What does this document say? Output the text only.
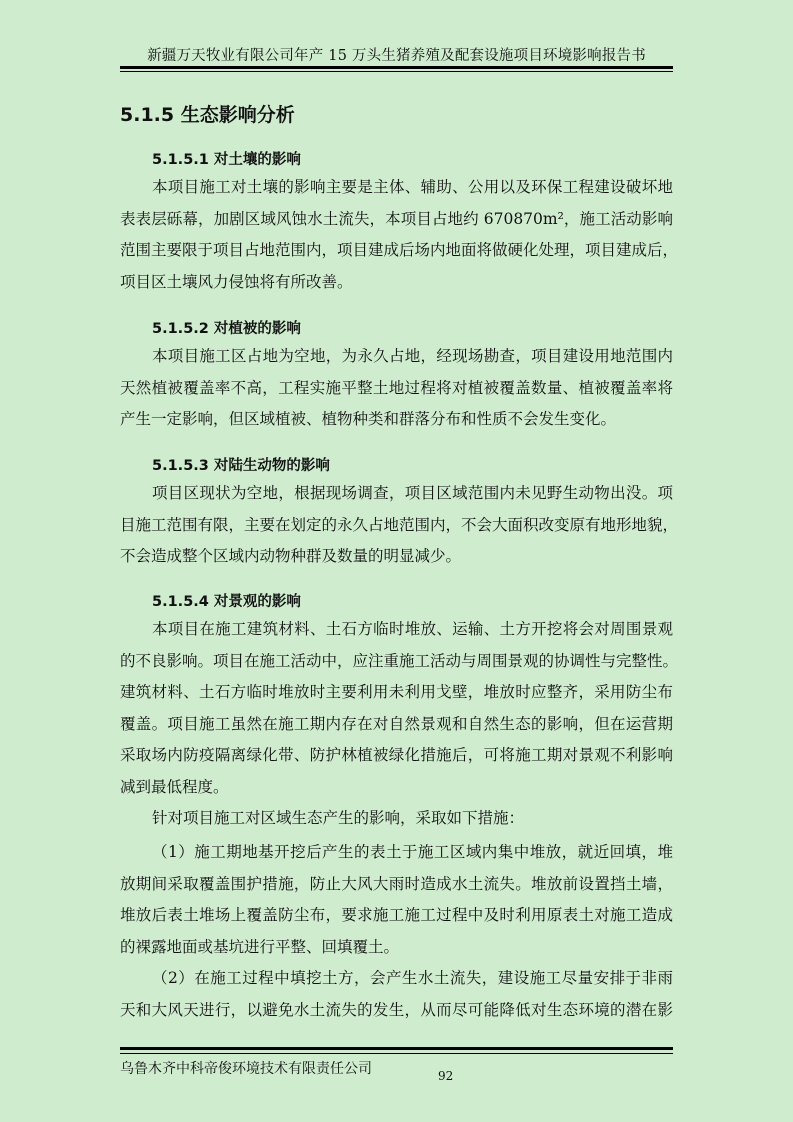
新疆万天牧业有限公司年产 15 万头生猪养殖及配套设施项目环境影响报告书
5.1.5 生态影响分析
5.1.5.1 对土壤的影响
本项目施工对土壤的影响主要是主体、辅助、公用以及环保工程建设破坏地
表表层砾幕，加剧区域风蚀水土流失，本项目占地约 670870m²，施工活动影响
范围主要限于项目占地范围内，项目建成后场内地面将做硬化处理，项目建成后，
项目区土壤风力侵蚀将有所改善。
5.1.5.2 对植被的影响
本项目施工区占地为空地，为永久占地，经现场勘查，项目建设用地范围内
天然植被覆盖率不高，工程实施平整土地过程将对植被覆盖数量、植被覆盖率将
产生一定影响，但区域植被、植物种类和群落分布和性质不会发生变化。
5.1.5.3 对陆生动物的影响
项目区现状为空地，根据现场调查，项目区域范围内未见野生动物出没。项
目施工范围有限，主要在划定的永久占地范围内，不会大面积改变原有地形地貌，
不会造成整个区域内动物种群及数量的明显减少。
5.1.5.4 对景观的影响
本项目在施工建筑材料、土石方临时堆放、运输、土方开挖将会对周围景观
的不良影响。项目在施工活动中，应注重施工活动与周围景观的协调性与完整性。
建筑材料、土石方临时堆放时主要利用未利用戈壁，堆放时应整齐，采用防尘布
覆盖。项目施工虽然在施工期内存在对自然景观和自然生态的影响，但在运营期
采取场内防疫隔离绿化带、防护林植被绿化措施后，可将施工期对景观不利影响
减到最低程度。
针对项目施工对区域生态产生的影响，采取如下措施：
（1）施工期地基开挖后产生的表土于施工区域内集中堆放，就近回填，堆
放期间采取覆盖围护措施，防止大风大雨时造成水土流失。堆放前设置挡土墙，
堆放后表土堆场上覆盖防尘布，要求施工施工过程中及时利用原表土对施工造成
的裸露地面或基坑进行平整、回填覆土。
（2）在施工过程中填挖土方，会产生水土流失，建设施工尽量安排于非雨
天和大风天进行，以避免水土流失的发生，从而尽可能降低对生态环境的潜在影
乌鲁木齐中科帝俊环境技术有限责任公司	92
